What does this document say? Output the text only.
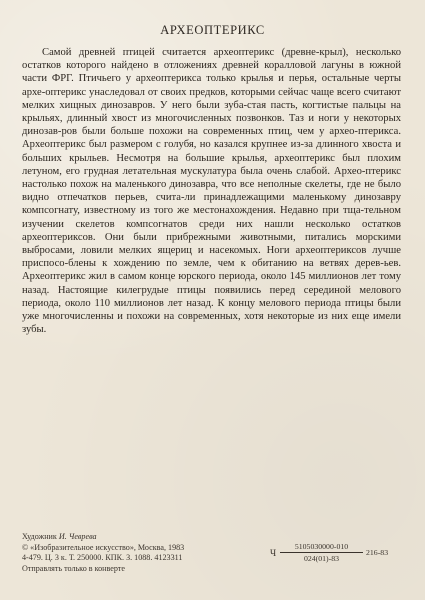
АРХЕОПТЕРИКС

Самой древней птицей считается археоптерикс (древне-крыл), несколько остатков которого найдено в отложениях древней коралловой лагуны в южной части ФРГ. Птичьего у археоптерикса только крылья и перья, остальные черты архе-оптерикс унаследовал от своих предков, которыми сейчас чаще всего считают мелких хищных динозавров. У него были зуба-стая пасть, когтистые пальцы на крыльях, длинный хвост из многочисленных позвонков. Таз и ноги у некоторых динозав-ров были больше похожи на современных птиц, чем у архео-птерикса. Археоптерикс был размером с голубя, но казался крупнее из-за длинного хвоста и больших крыльев. Несмотря на большие крылья, археоптерикс был плохим летуном, его грудная летательная мускулатура была очень слабой. Архео-птерикс настолько похож на маленького динозавра, что все неполные скелеты, где не было видно отпечатков перьев, счита-ли принадлежащими маленькому динозавру компсогнату, известному из того же местонахождения. Недавно при тща-тельном изучении скелетов компсогнатов среди них нашли несколько остатков археоптериксов. Они были прибрежными животными, питались морскими выбросами, ловили мелких ящериц и насекомых. Ноги археоптериксов лучше приспосо-блены к хождению по земле, чем к обитанию на ветвях дерев-ьев. Археоптерикс жил в самом конце юрского периода, около 145 миллионов лет тому назад. Настоящие килегрудые птицы появились перед серединой мелового периода, около 110 миллионов лет назад. К концу мелового периода птицы были уже многочисленны и похожи на современных, хотя некоторые из них еще имели зубы.

Художник И. Чеврева
© «Изобразительное искусство», Москва, 1983
4-479. Ц. 3 к. Т. 250000. КПК. З. 1088. 4123311
Отправлять только в конверте
Ч
5105030000-010
024(01)-83
216-83
